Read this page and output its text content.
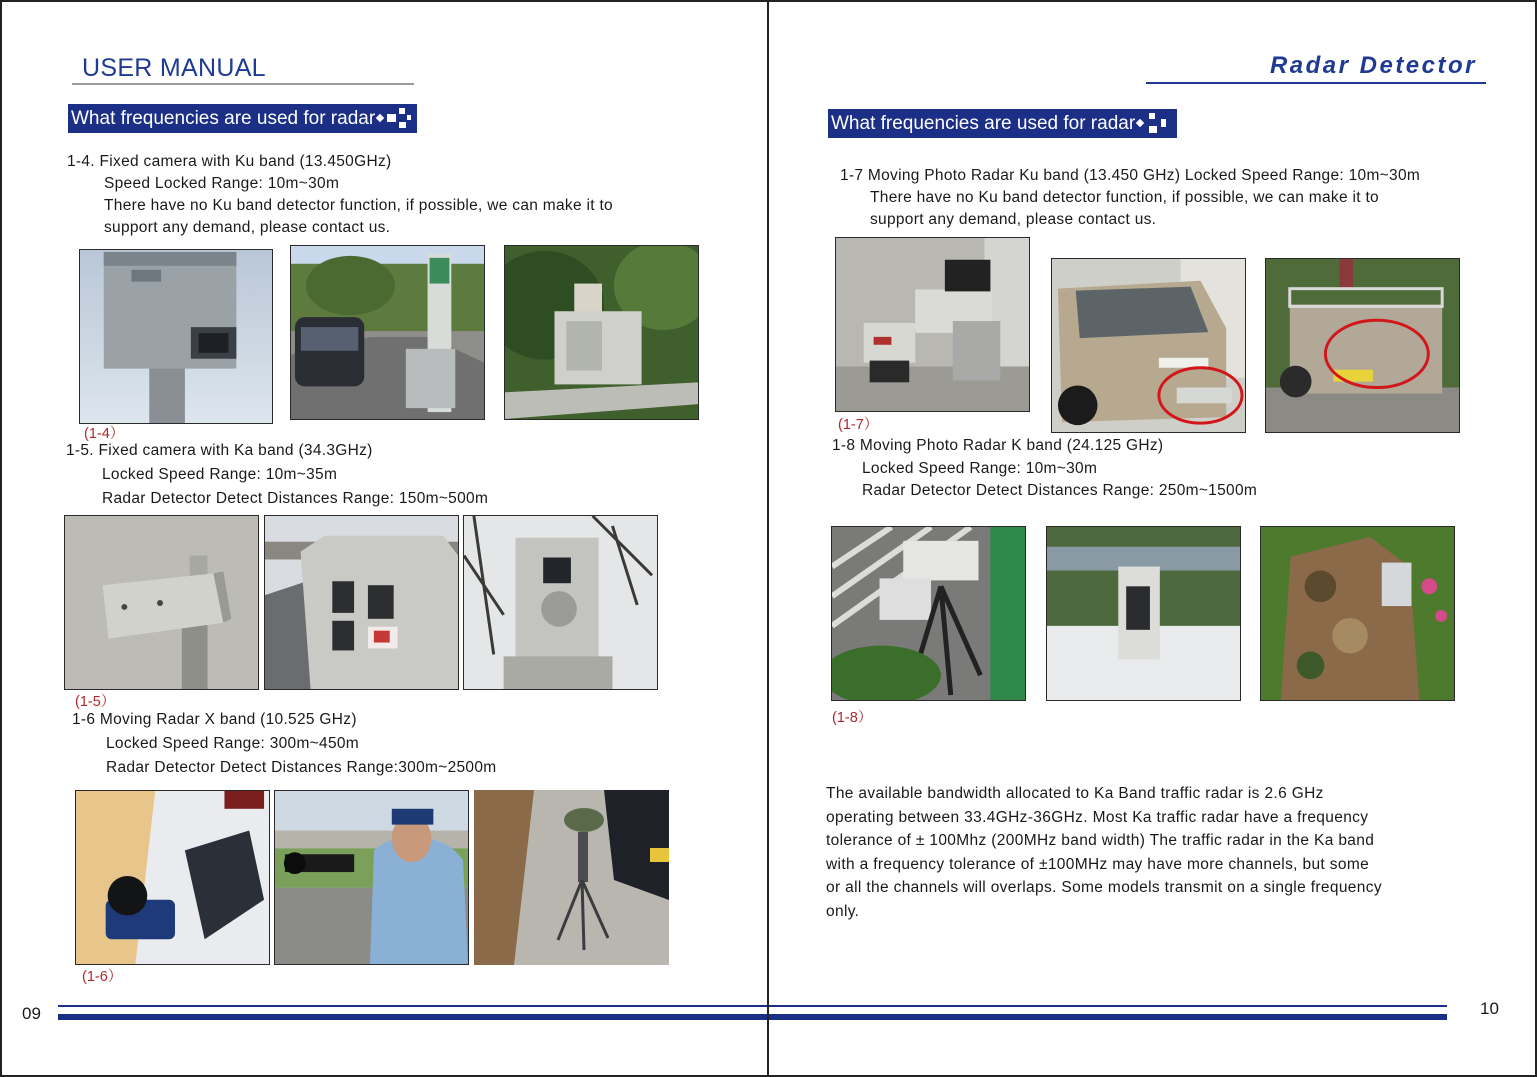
USER MANUAL
What frequencies are used for radar
1-4. Fixed camera with Ku band (13.450GHz)
Speed Locked Range: 10m~30m
There have no Ku band detector function, if possible, we can make it to
support any demand, please contact us.
(1-4）
1-5. Fixed camera with Ka band (34.3GHz)
Locked Speed Range: 10m~35m
Radar Detector Detect Distances Range: 150m~500m
(1-5）
1-6 Moving Radar X band (10.525 GHz)
Locked Speed Range: 300m~450m
Radar Detector Detect Distances Range:300m~2500m
(1-6）
09
Radar Detector
What frequencies are used for radar
1-7 Moving Photo Radar Ku band (13.450 GHz) Locked Speed Range: 10m~30m
There have no Ku band detector function, if possible, we can make it to
support any demand, please contact us.
(1-7）
1-8 Moving Photo Radar K band (24.125 GHz)
Locked Speed Range: 10m~30m
Radar Detector Detect Distances Range: 250m~1500m
(1-8）
The available bandwidth allocated to Ka Band traffic radar is 2.6 GHz
operating between 33.4GHz-36GHz. Most Ka traffic radar have a frequency
tolerance of ± 100Mhz (200MHz band width) The traffic radar in the Ka band
with a frequency tolerance of ±100MHz may have more channels, but some
or all the channels will overlaps. Some models transmit on a single frequency
only.
10
